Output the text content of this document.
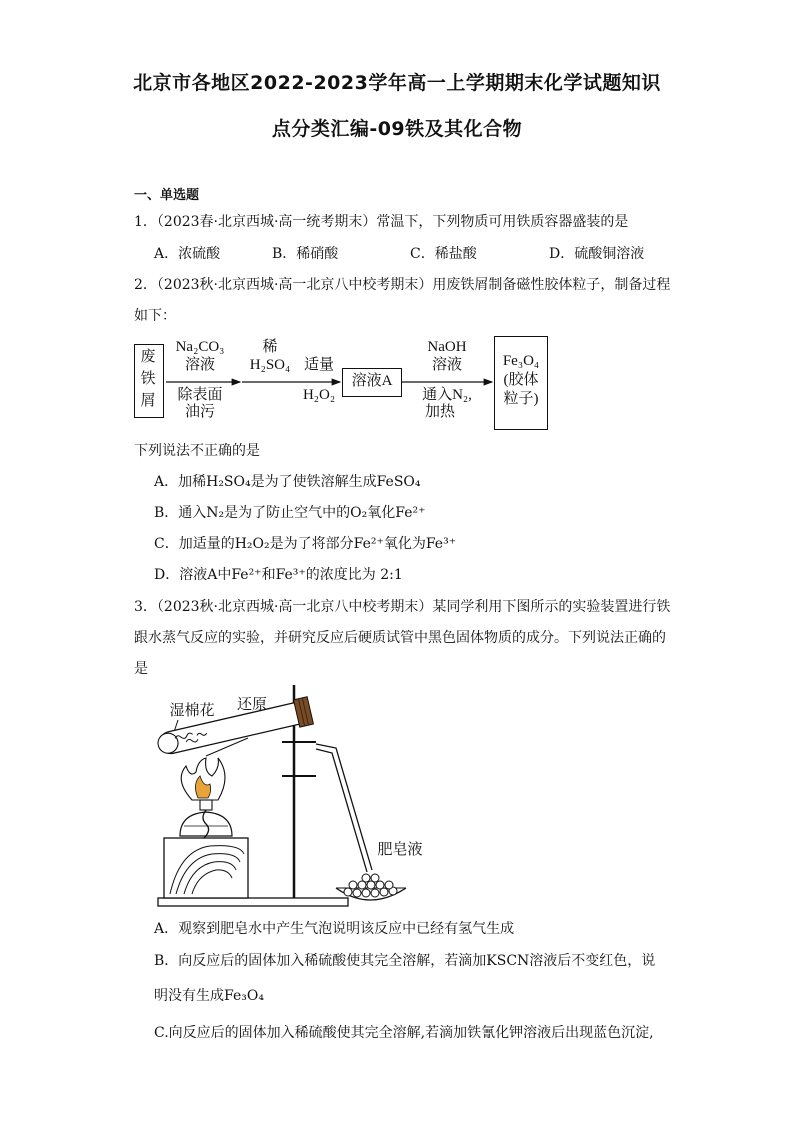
北京市各地区2022-2023学年高一上学期期末化学试题知识
点分类汇编-09铁及其化合物
一、单选题
1．（2023春·北京西城·高一统考期末）常温下，下列物质可用铁质容器盛装的是
A．浓硫酸	B．稀硝酸	C．稀盐酸	D．硫酸铜溶液
2．（2023秋·北京西城·高一北京八中校考期末）用废铁屑制备磁性胶体粒子，制备过程
如下：
废
铁
屑
Na₂CO₃
溶液
除表面
油污
稀
H₂SO₄ 适量
H₂O₂
溶液A
NaOH
溶液
通入N₂,
加热
Fe₃O₄
(胶体
粒子)
下列说法不正确的是
A．加稀H₂SO₄是为了使铁溶解生成FeSO₄
B．通入N₂是为了防止空气中的O₂氧化Fe²⁺
C．加适量的H₂O₂是为了将部分Fe²⁺氧化为Fe³⁺
D．溶液A中Fe²⁺和Fe³⁺的浓度比为 2:1
3．（2023秋·北京西城·高一北京八中校考期末）某同学利用下图所示的实验装置进行铁
跟水蒸气反应的实验，并研究反应后硬质试管中黑色固体物质的成分。下列说法正确的
是
湿棉花	还原
肥皂液
A．观察到肥皂水中产生气泡说明该反应中已经有氢气生成
B．向反应后的固体加入稀硫酸使其完全溶解，若滴加KSCN溶液后不变红色，说
明没有生成Fe₃O₄
C.向反应后的固体加入稀硫酸使其完全溶解,若滴加铁氰化钾溶液后出现蓝色沉淀,
